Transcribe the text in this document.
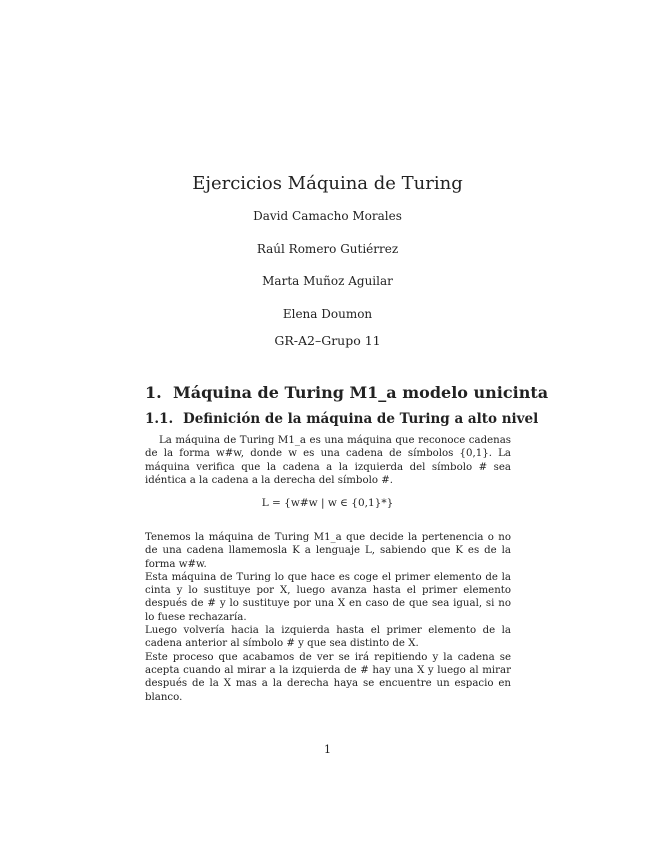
Ejercicios Máquina de Turing
David Camacho Morales
Raúl Romero Gutiérrez
Marta Muñoz Aguilar
Elena Doumon
GR-A2–Grupo 11
1. Máquina de Turing M1_a modelo unicinta
1.1. Definición de la máquina de Turing a alto nivel
La máquina de Turing M1_a es una máquina que reconoce cadenas de la forma w#w, donde w es una cadena de símbolos {0,1}. La máquina verifica que la cadena a la izquierda del símbolo # sea idéntica a la cadena a la derecha del símbolo #.
L = {w#w | w ∈ {0,1}*}
Tenemos la máquina de Turing M1_a que decide la pertenencia o no de una cadena llamemosla K a lenguaje L, sabiendo que K es de la forma w#w.
Esta máquina de Turing lo que hace es coge el primer elemento de la cinta y lo sustituye por X, luego avanza hasta el primer elemento después de # y lo sustituye por una X en caso de que sea igual, si no lo fuese rechazaría.
Luego volvería hacia la izquierda hasta el primer elemento de la cadena anterior al símbolo # y que sea distinto de X.
Este proceso que acabamos de ver se irá repitiendo y la cadena se acepta cuando al mirar a la izquierda de # hay una X y luego al mirar después de la X mas a la derecha haya se encuentre un espacio en blanco.
1
